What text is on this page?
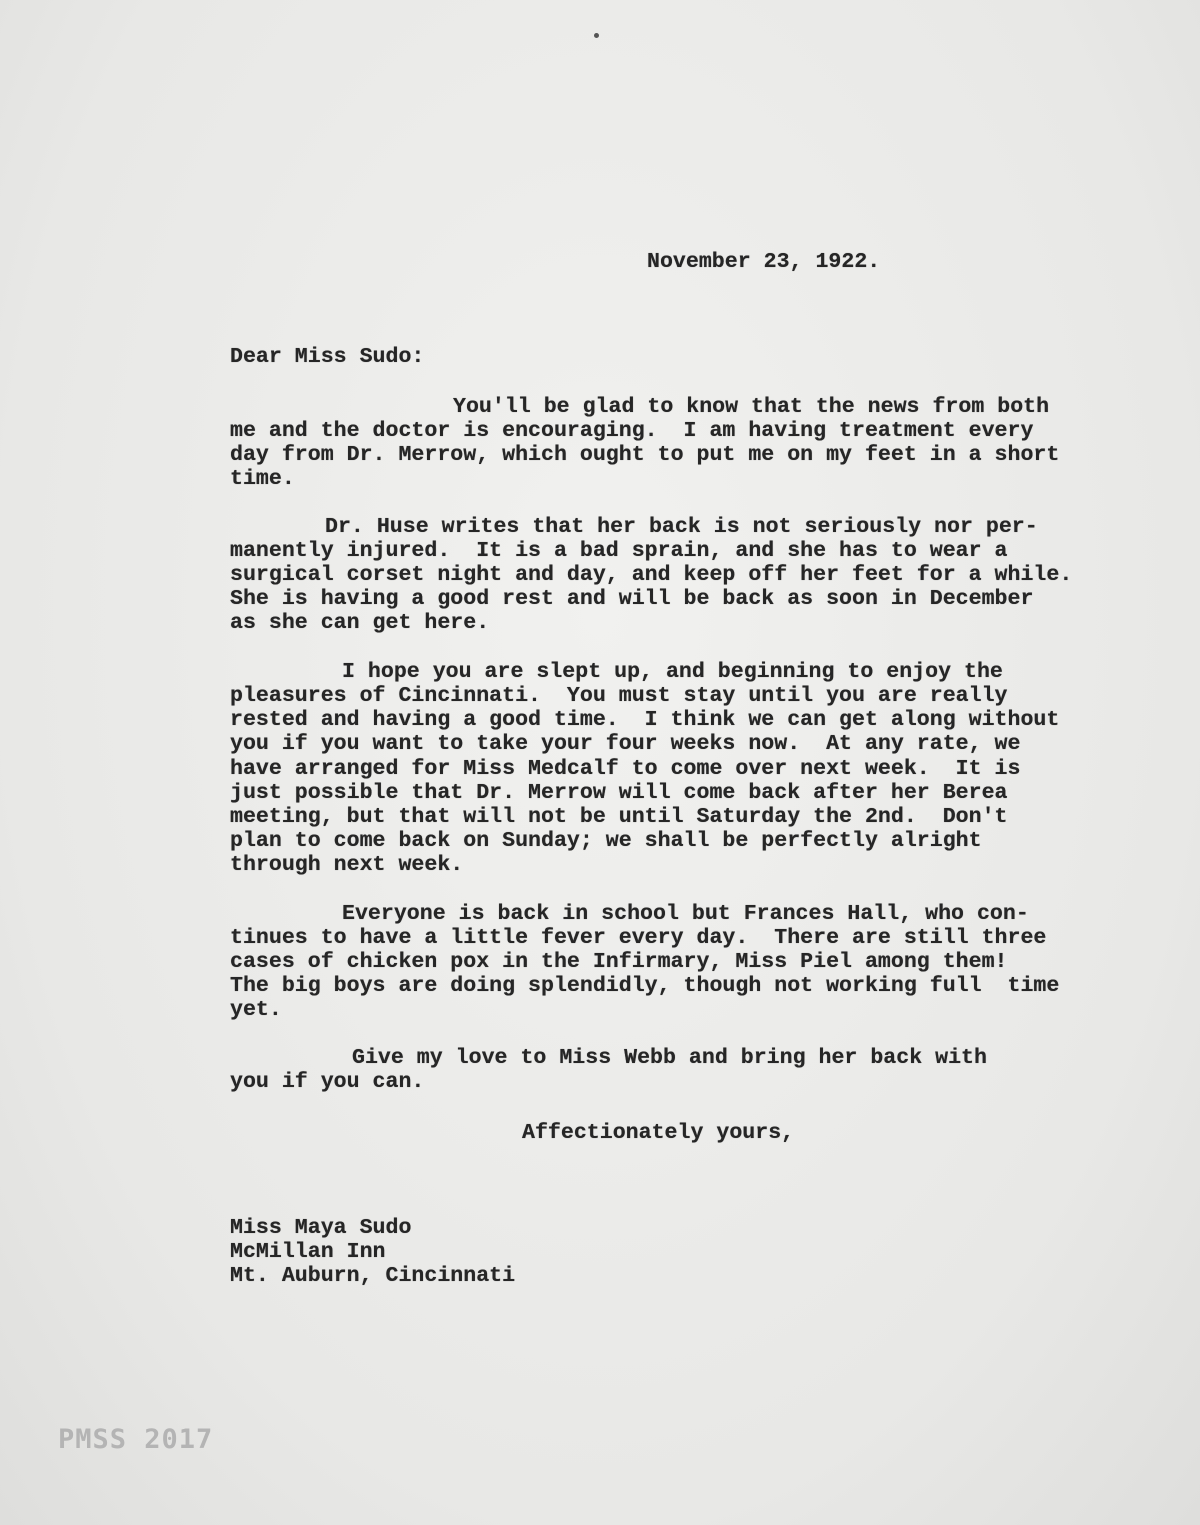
November 23, 1922.
Dear Miss Sudo:
You'll be glad to know that the news from both
me and the doctor is encouraging.  I am having treatment every
day from Dr. Merrow, which ought to put me on my feet in a short
time.
Dr. Huse writes that her back is not seriously nor per-
manently injured.  It is a bad sprain, and she has to wear a
surgical corset night and day, and keep off her feet for a while.
She is having a good rest and will be back as soon in December
as she can get here.
I hope you are slept up, and beginning to enjoy the
pleasures of Cincinnati.  You must stay until you are really
rested and having a good time.  I think we can get along without
you if you want to take your four weeks now.  At any rate, we
have arranged for Miss Medcalf to come over next week.  It is
just possible that Dr. Merrow will come back after her Berea
meeting, but that will not be until Saturday the 2nd.  Don't
plan to come back on Sunday; we shall be perfectly alright
through next week.
Everyone is back in school but Frances Hall, who con-
tinues to have a little fever every day.  There are still three
cases of chicken pox in the Infirmary, Miss Piel among them!
The big boys are doing splendidly, though not working full  time
yet.
Give my love to Miss Webb and bring her back with
you if you can.
Affectionately yours,
Miss Maya Sudo
McMillan Inn
Mt. Auburn, Cincinnati
PMSS 2017
